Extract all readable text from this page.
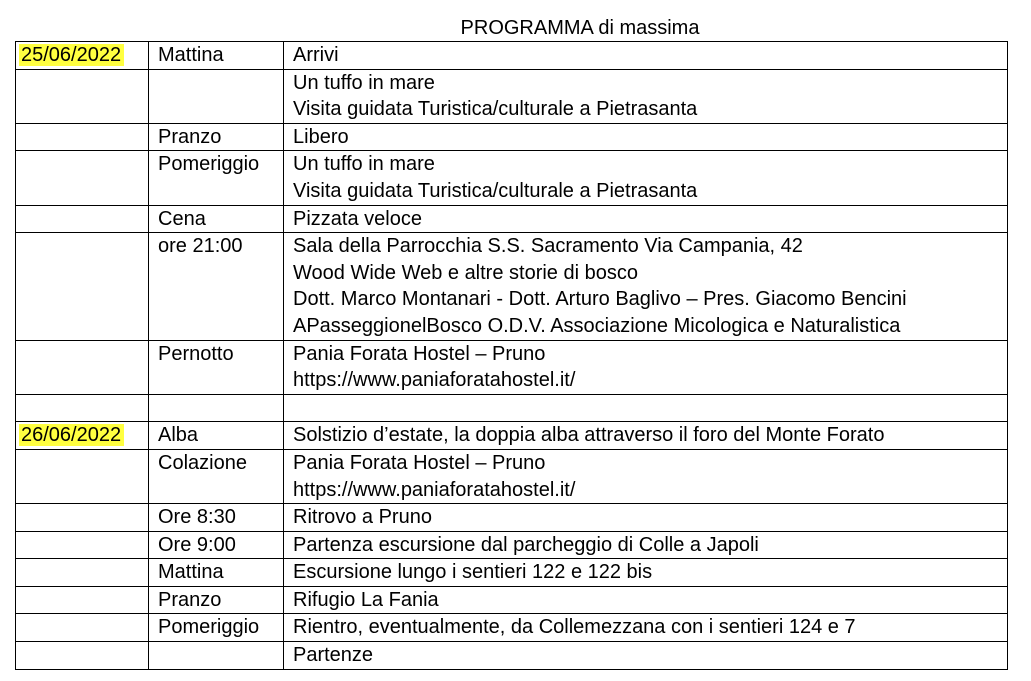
PROGRAMMA di massima
25/06/2022	Mattina	Arrivi

		Un tuffo in mare
Visita guidata Turistica/culturale a Pietrasanta

	Pranzo	Libero

	Pomeriggio	Un tuffo in mare
Visita guidata Turistica/culturale a Pietrasanta

	Cena	Pizzata veloce

	ore 21:00	Sala della Parrocchia S.S. Sacramento Via Campania, 42
Wood Wide Web e altre storie di bosco
Dott. Marco Montanari - Dott. Arturo Baglivo – Pres. Giacomo Bencini
APasseggionelBosco O.D.V. Associazione Micologica e Naturalistica

	Pernotto	Pania Forata Hostel – Pruno
https://www.paniaforatahostel.it/

26/06/2022	Alba	Solstizio d’estate, la doppia alba attraverso il foro del Monte Forato

	Colazione	Pania Forata Hostel – Pruno
https://www.paniaforatahostel.it/

	Ore 8:30	Ritrovo a Pruno

	Ore 9:00	Partenza escursione dal parcheggio di Colle a Japoli

	Mattina	Escursione lungo i sentieri 122 e 122 bis

	Pranzo	Rifugio La Fania

	Pomeriggio	Rientro, eventualmente, da Collemezzana con i sentieri 124 e 7

		Partenze
